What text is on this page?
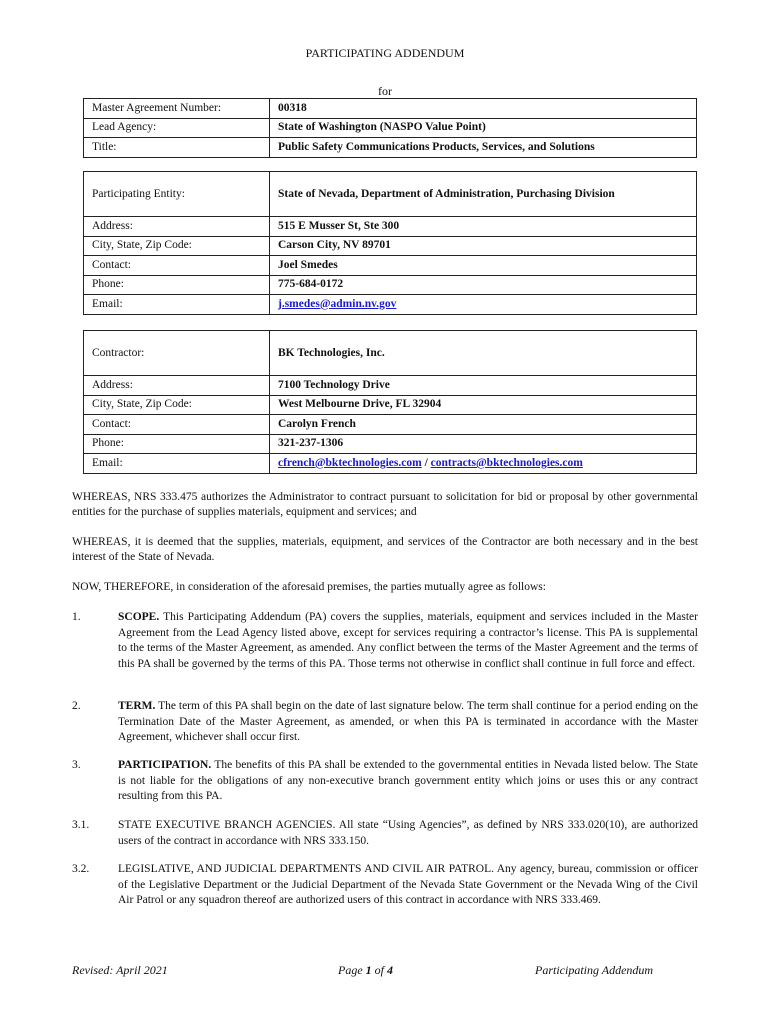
PARTICIPATING ADDENDUM
for
Master Agreement Number:	00318
Lead Agency:	State of Washington (NASPO Value Point)
Title:	Public Safety Communications Products, Services, and Solutions
Participating Entity:	State of Nevada, Department of Administration, Purchasing Division
Address:	515 E Musser St, Ste 300
City, State, Zip Code:	Carson City, NV 89701
Contact:	Joel Smedes
Phone:	775-684-0172
Email:	j.smedes@admin.nv.gov
Contractor:	BK Technologies, Inc.
Address:	7100 Technology Drive
City, State, Zip Code:	West Melbourne Drive, FL 32904
Contact:	Carolyn French
Phone:	321-237-1306
Email:	cfrench@bktechnologies.com / contracts@bktechnologies.com
WHEREAS, NRS 333.475 authorizes the Administrator to contract pursuant to solicitation for bid or proposal by other governmental entities for the purchase of supplies materials, equipment and services; and
WHEREAS, it is deemed that the supplies, materials, equipment, and services of the Contractor are both necessary and in the best interest of the State of Nevada.
NOW, THEREFORE, in consideration of the aforesaid premises, the parties mutually agree as follows:
1.	SCOPE. This Participating Addendum (PA) covers the supplies, materials, equipment and services included in the Master Agreement from the Lead Agency listed above, except for services requiring a contractor’s license. This PA is supplemental to the terms of the Master Agreement, as amended. Any conflict between the terms of the Master Agreement and the terms of this PA shall be governed by the terms of this PA. Those terms not otherwise in conflict shall continue in full force and effect.
2.	TERM. The term of this PA shall begin on the date of last signature below. The term shall continue for a period ending on the Termination Date of the Master Agreement, as amended, or when this PA is terminated in accordance with the Master Agreement, whichever shall occur first.
3.	PARTICIPATION. The benefits of this PA shall be extended to the governmental entities in Nevada listed below. The State is not liable for the obligations of any non-executive branch government entity which joins or uses this or any contract resulting from this PA.
3.1.	STATE EXECUTIVE BRANCH AGENCIES. All state “Using Agencies”, as defined by NRS 333.020(10), are authorized users of the contract in accordance with NRS 333.150.
3.2.	LEGISLATIVE, AND JUDICIAL DEPARTMENTS AND CIVIL AIR PATROL. Any agency, bureau, commission or officer of the Legislative Department or the Judicial Department of the Nevada State Government or the Nevada Wing of the Civil Air Patrol or any squadron thereof are authorized users of this contract in accordance with NRS 333.469.
Revised: April 2021	Page 1 of 4	Participating Addendum
